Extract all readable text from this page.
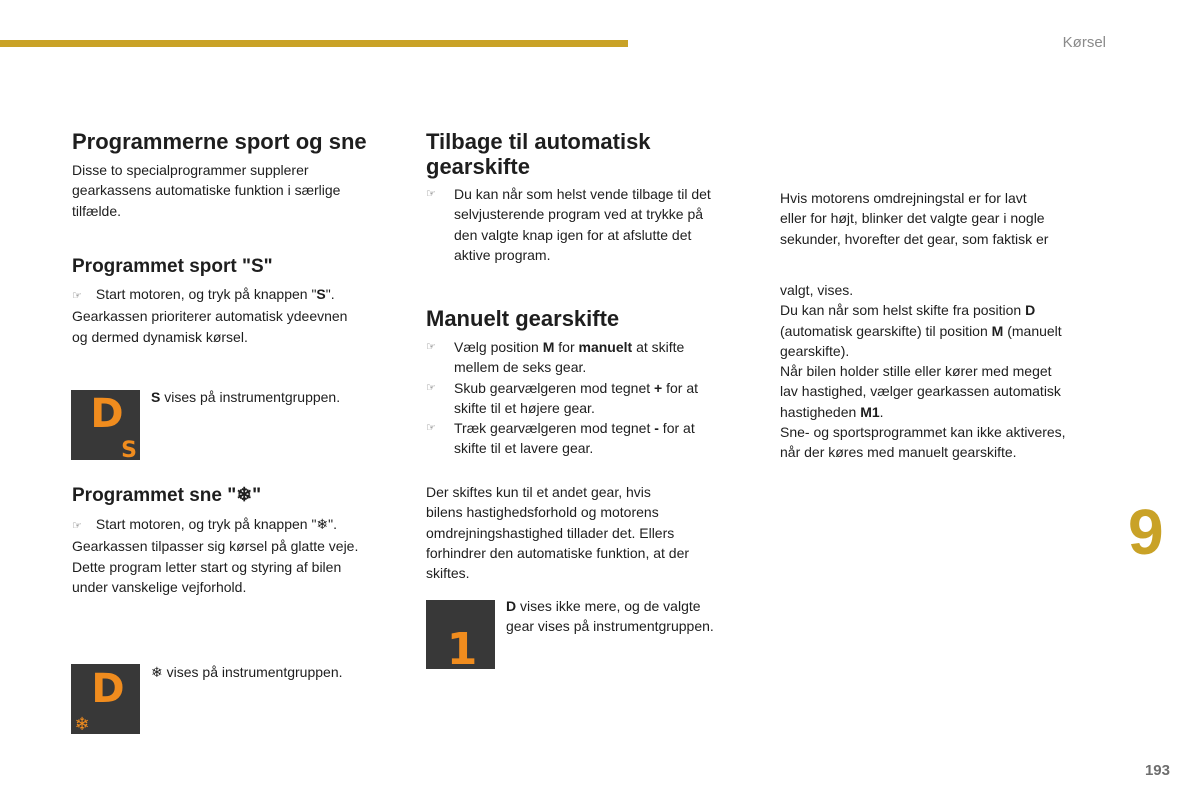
Kørsel
Programmerne sport og sne
Disse to specialprogrammer supplerer
gearkassens automatiske funktion i særlige
tilfælde.
Programmet sport "S"
☞ Start motoren, og tryk på knappen "S".
Gearkassen prioriterer automatisk ydeevnen
og dermed dynamisk kørsel.
D
S
S vises på instrumentgruppen.
Programmet sne "❄"
☞ Start motoren, og tryk på knappen "❄".
Gearkassen tilpasser sig kørsel på glatte veje.
Dette program letter start og styring af bilen
under vanskelige vejforhold.
D
❄
❄ vises på instrumentgruppen.
Tilbage til automatisk
gearskifte
☞ Du kan når som helst vende tilbage til det
selvjusterende program ved at trykke på
den valgte knap igen for at afslutte det
aktive program.
Manuelt gearskifte
☞ Vælg position M for manuelt at skifte
mellem de seks gear.
☞ Skub gearvælgeren mod tegnet + for at
skifte til et højere gear.
☞ Træk gearvælgeren mod tegnet - for at
skifte til et lavere gear.
Der skiftes kun til et andet gear, hvis
bilens hastighedsforhold og motorens
omdrejningshastighed tillader det. Ellers
forhindrer den automatiske funktion, at der
skiftes.
1
D vises ikke mere, og de valgte
gear vises på instrumentgruppen.
Hvis motorens omdrejningstal er for lavt
eller for højt, blinker det valgte gear i nogle
sekunder, hvorefter det gear, som faktisk er
valgt, vises.
Du kan når som helst skifte fra position D
(automatisk gearskifte) til position M (manuelt
gearskifte).
Når bilen holder stille eller kører med meget
lav hastighed, vælger gearkassen automatisk
hastigheden M1.
Sne- og sportsprogrammet kan ikke aktiveres,
når der køres med manuelt gearskifte.
9
193
